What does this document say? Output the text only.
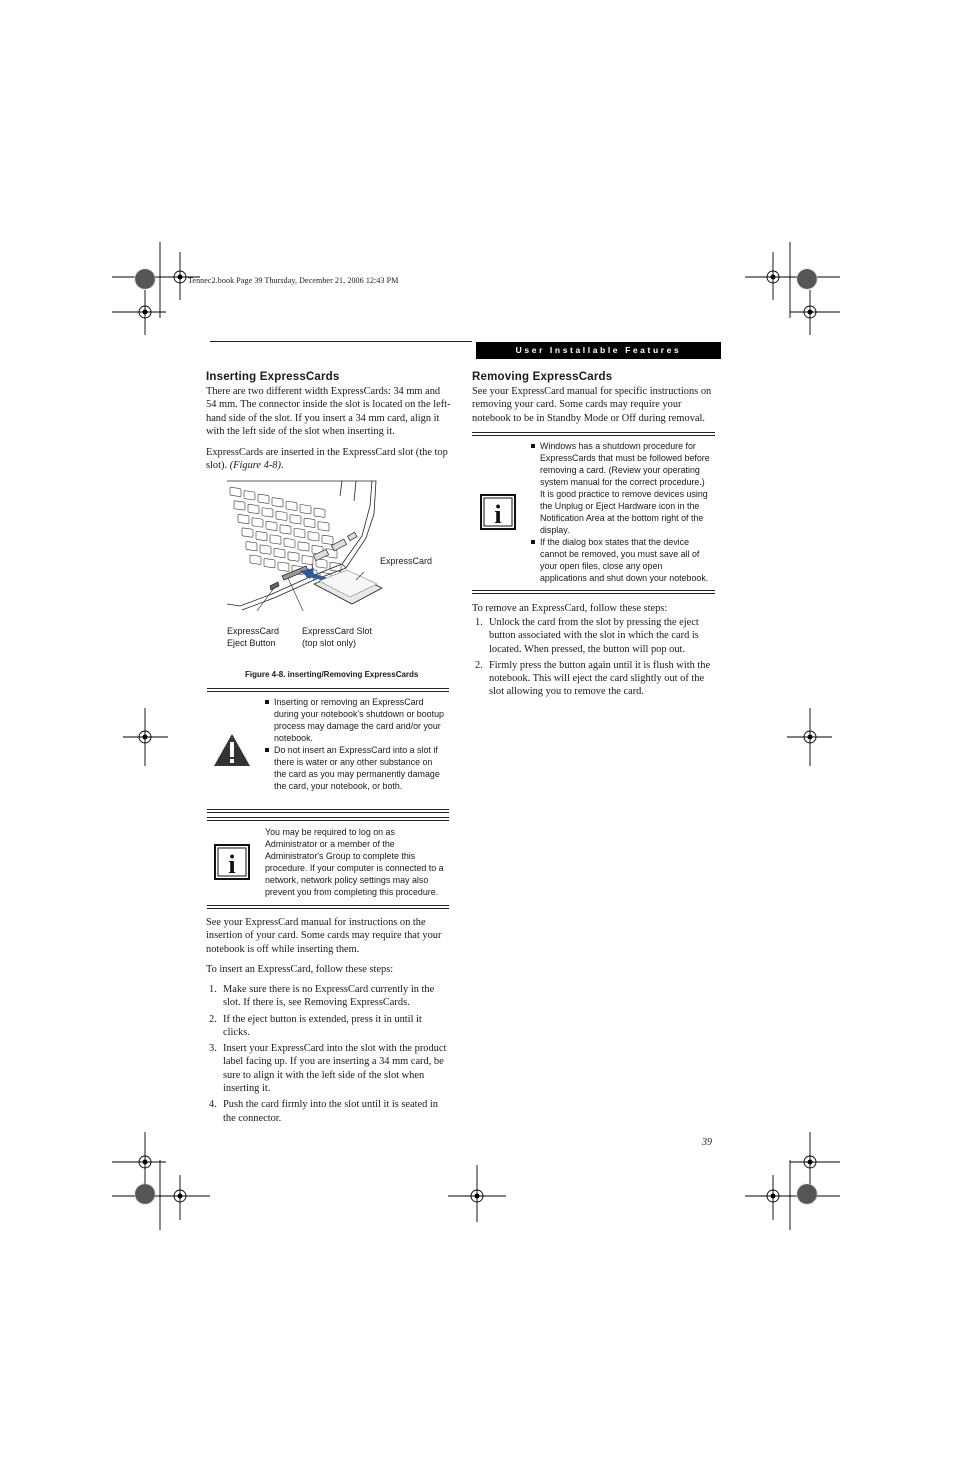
Tennec2.book Page 39 Thursday, December 21, 2006 12:43 PM
User Installable Features
Inserting ExpressCards
There are two different width ExpressCards: 34 mm and 54 mm. The connector inside the slot is located on the left-hand side of the slot. If you insert a 34 mm card, align it with the left side of the slot when inserting it.
ExpressCards are inserted in the ExpressCard slot (the top slot). (Figure 4-8).
ExpressCard
ExpressCard
Eject Button
ExpressCard Slot
(top slot only)
Figure 4-8. inserting/Removing ExpressCards
Inserting or removing an ExpressCard during your notebook's shutdown or bootup process may damage the card and/or your notebook.
Do not insert an ExpressCard into a slot if there is water or any other substance on the card as you may permanently damage the card, your notebook, or both.
i
You may be required to log on as Administrator or a member of the Administrator's Group to complete this procedure. If your computer is connected to a network, network policy settings may also prevent you from completing this procedure.
See your ExpressCard manual for instructions on the insertion of your card. Some cards may require that your notebook is off while inserting them.
To insert an ExpressCard, follow these steps:
1. Make sure there is no ExpressCard currently in the slot. If there is, see Removing ExpressCards.
2. If the eject button is extended, press it in until it clicks.
3. Insert your ExpressCard into the slot with the product label facing up. If you are inserting a 34 mm card, be sure to align it with the left side of the slot when inserting it.
4. Push the card firmly into the slot until it is seated in the connector.
Removing ExpressCards
See your ExpressCard manual for specific instructions on removing your card. Some cards may require your notebook to be in Standby Mode or Off during removal.
i
Windows has a shutdown procedure for ExpressCards that must be followed before removing a card. (Review your operating system manual for the correct procedure.) It is good practice to remove devices using the Unplug or Eject Hardware icon in the Notification Area at the bottom right of the display.
If the dialog box states that the device cannot be removed, you must save all of your open files, close any open applications and shut down your notebook.
To remove an ExpressCard, follow these steps:
1. Unlock the card from the slot by pressing the eject button associated with the slot in which the card is located. When pressed, the button will pop out.
2. Firmly press the button again until it is flush with the notebook. This will eject the card slightly out of the slot allowing you to remove the card.
39
